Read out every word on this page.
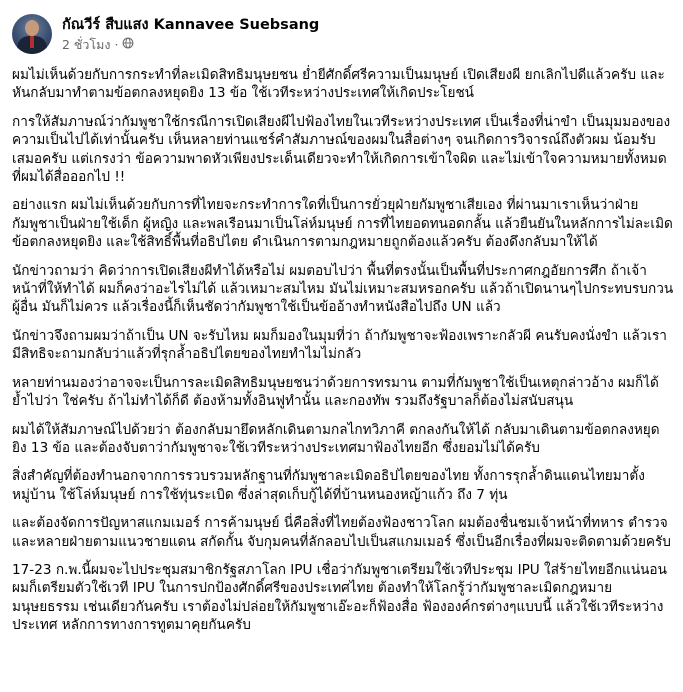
กัณวีร์ สืบแสง Kannavee Suebsang
2 ชั่วโมง ·

ผมไม่เห็นด้วยกับการกระทำที่ละเมิดสิทธิมนุษยชน ย่ำยีศักดิ์ศรีความเป็นมนุษย์ เปิดเสียงผี ยกเลิกไปดีแล้วครับ และหันกลับมาทำตามข้อตกลงหยุดยิง 13 ข้อ ใช้เวทีระหว่างประเทศให้เกิดประโยชน์

การให้สัมภาษณ์ว่ากัมพูชาใช้กรณีการเปิดเสียงผีไปฟ้องไทยในเวทีระหว่างประเทศ เป็นเรื่องที่น่าขำ เป็นมุมมองของความเป็นไปได้เท่านั้นครับ เห็นหลายท่านแชร์คำสัมภาษณ์ของผมในสื่อต่างๆ จนเกิดการวิจารณ์ถึงตัวผม น้อมรับเสมอครับ แต่เกรงว่า ข้อความพาดหัวเพียงประเด็นเดียวจะทำให้เกิดการเข้าใจผิด และไม่เข้าใจความหมายทั้งหมดที่ผมได้สื่อออกไป !!

อย่างแรก ผมไม่เห็นด้วยกับการที่ไทยจะกระทำการใดที่เป็นการยั่วยุฝ่ายกัมพูชาเสียเอง ที่ผ่านมาเราเห็นว่าฝ่ายกัมพูชาเป็นฝ่ายใช้เด็ก ผู้หญิง และพลเรือนมาเป็นโล่ห์มนุษย์ การที่ไทยอดทนอดกลั้น แล้วยืนยันในหลักการไม่ละเมิดข้อตกลงหยุดยิง และใช้สิทธิ์พื้นที่อธิปไตย ดำเนินการตามกฎหมายถูกต้องแล้วครับ ต้องดึงกลับมาให้ได้

นักข่าวถามว่า คิดว่าการเปิดเสียงผีทำได้หรือไม่ ผมตอบไปว่า พื้นที่ตรงนั้นเป็นพื้นที่ประกาศกฎอัยการศึก ถ้าเจ้าหน้าที่ให้ทำได้ ผมก็คงว่าอะไรไม่ได้ แล้วเหมาะสมไหม มันไม่เหมาะสมหรอกครับ แล้วถ้าเปิดนานๆไปกระทบรบกวนผู้อื่น มันก็ไม่ควร แล้วเรื่องนี้ก็เห็นชัดว่ากัมพูชาใช้เป็นข้ออ้างทำหนังสือไปถึง UN แล้ว

นักข่าวจึงถามผมว่าถ้าเป็น UN จะรับไหม ผมก็มองในมุมที่ว่า ถ้ากัมพูชาจะฟ้องเพราะกลัวผี คนรับคงนั่งขำ แล้วเรามีสิทธิจะถามกลับว่าแล้วที่รุกล้ำอธิปไตยของไทยทำไมไม่กลัว

หลายท่านมองว่าอาจจะเป็นการละเมิดสิทธิมนุษยชนว่าด้วยการทรมาน ตามที่กัมพูชาใช้เป็นเหตุกล่าวอ้าง ผมก็ได้ย้ำไปว่า ใช่ครับ ถ้าไม่ทำได้ก็ดี ต้องห้ามทั้งอินฟูทำนั้น และกองทัพ รวมถึงรัฐบาลก็ต้องไม่สนับสนุน

ผมได้ให้สัมภาษณ์ไปด้วยว่า ต้องกลับมายึดหลักเดินตามกลไกทวิภาคี ตกลงกันให้ได้ กลับมาเดินตามข้อตกลงหยุดยิง 13 ข้อ และต้องจับตาว่ากัมพูชาจะใช้เวทีระหว่างประเทศมาฟ้องไทยอีก ซึ่งยอมไม่ได้ครับ

สิ่งสำคัญที่ต้องทำนอกจากการรวบรวมหลักฐานที่กัมพูชาละเมิดอธิปไตยของไทย ทั้งการรุกล้ำดินแดนไทยมาตั้งหมู่บ้าน ใช้โล่ห์มนุษย์ การใช้ทุ่นระเบิด ซึ่งล่าสุดเก็บกู้ได้ที่บ้านหนองหญ้าแก้ว ถึง 7 ทุ่น

และต้องจัดการปัญหาสแกมเมอร์ การค้ามนุษย์ นี่คือสิ่งที่ไทยต้องฟ้องชาวโลก ผมต้องชื่นชมเจ้าหน้าที่ทหาร ตำรวจ และหลายฝ่ายตามแนวชายแดน สกัดกั้น จับกุมคนที่ลักลอบไปเป็นสแกมเมอร์ ซึ่งเป็นอีกเรื่องที่ผมจะติดตามด้วยครับ

17-23 ก.พ.นี้ผมจะไปประชุมสมาชิกรัฐสภาโลก IPU เชื่อว่ากัมพูชาเตรียมใช้เวทีประชุม IPU ใส่ร้ายไทยอีกแน่นอน ผมก็เตรียมตัวใช้เวที IPU ในการปกป้องศักดิ์ศรีของประเทศไทย ต้องทำให้โลกรู้ว่ากัมพูชาละเมิดกฎหมายมนุษยธรรม เช่นเดียวกันครับ เราต้องไม่ปล่อยให้กัมพูชาเอ๊ะอะก็ฟ้องสื่อ ฟ้ององค์กรต่างๆแบบนี้ แล้วใช้เวทีระหว่างประเทศ หลักการทางการทูตมาคุยกันครับ
